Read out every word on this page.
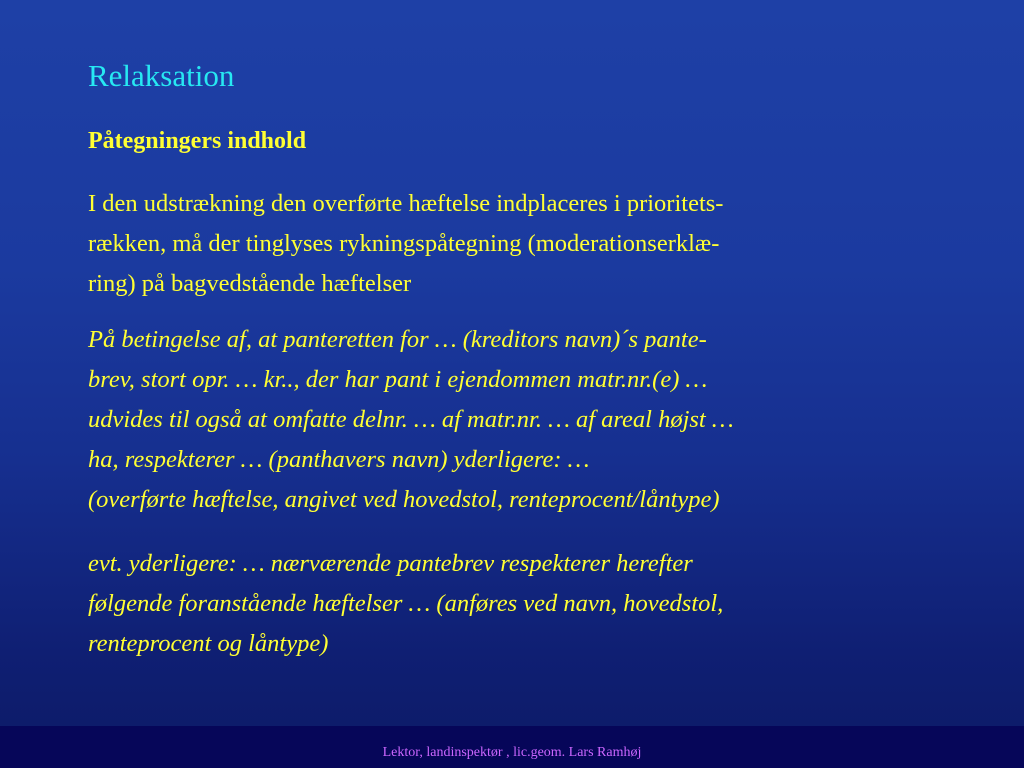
Relaksation
Påtegningers indhold

I den udstrækning den overførte hæftelse indplaceres i prioritets-
rækken, må der tinglyses rykningspåtegning (moderationserklæ-
ring) på bagvedstående hæftelser

På betingelse af, at panteretten for … (kreditors navn)´s pante-
brev, stort opr. … kr.., der har pant i ejendommen matr.nr.(e) …
udvides til også at omfatte delnr. … af matr.nr. … af areal højst …
ha, respekterer … (panthavers navn) yderligere: …
(overførte hæftelse, angivet ved hovedstol, renteprocent/låntype)

evt. yderligere: … nærværende pantebrev respekterer herefter
følgende foranstående hæftelser … (anføres ved navn, hovedstol,
renteprocent og låntype)

Lektor, landinspektør , lic.geom. Lars Ramhøj
